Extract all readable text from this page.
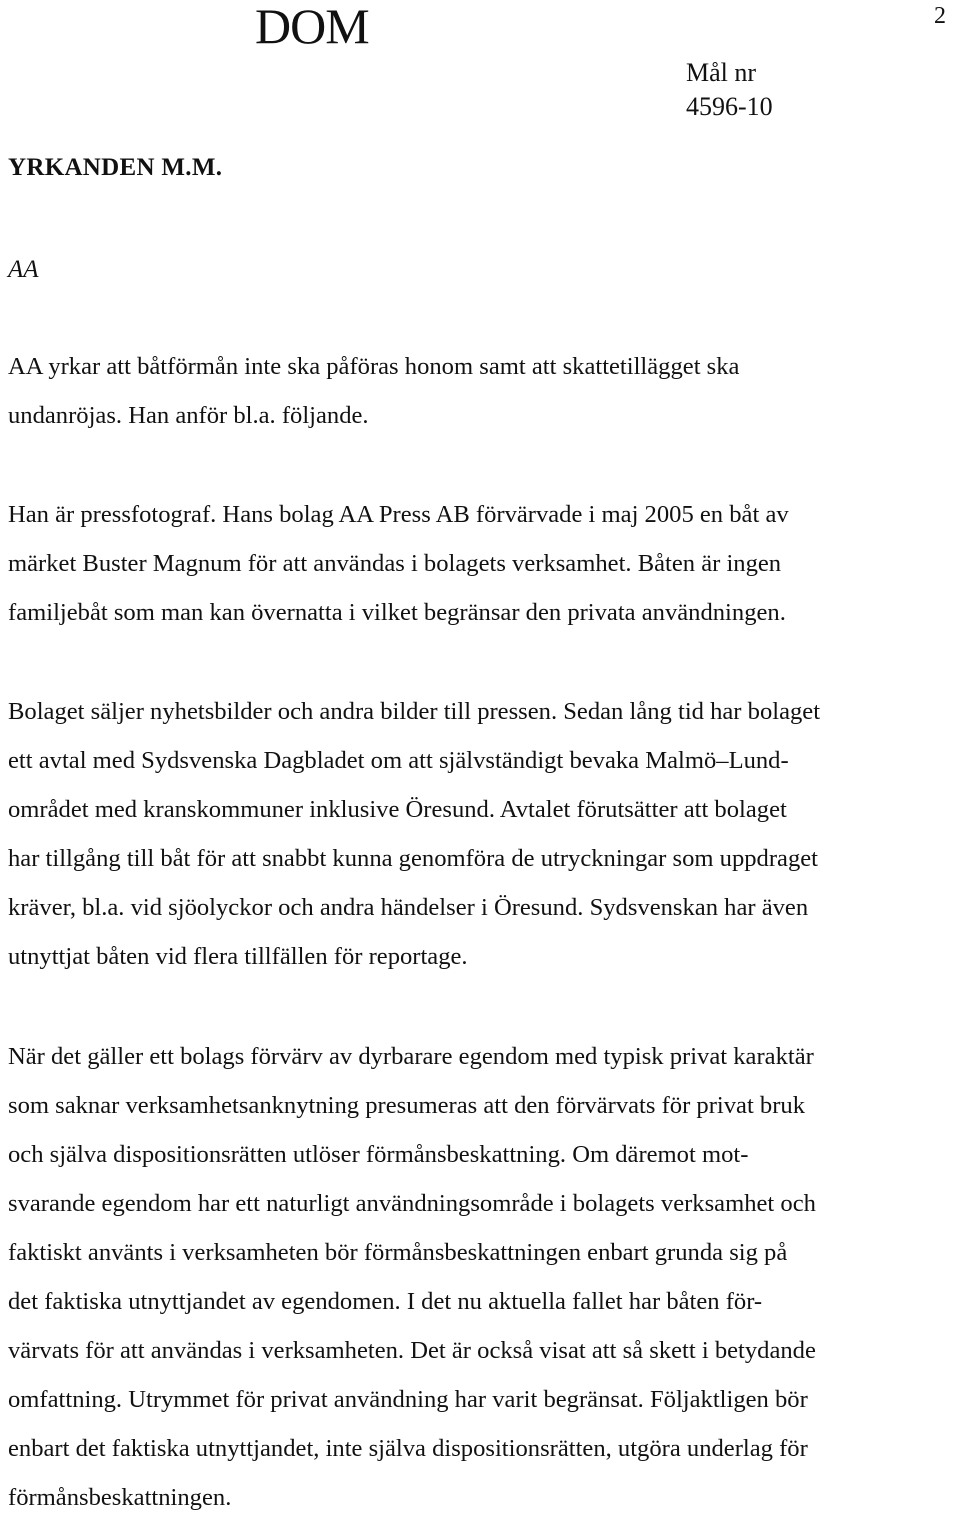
DOM	2
Mål nr
4596-10
YRKANDEN M.M.
AA

AA yrkar att båtförmån inte ska påföras honom samt att skattetillägget ska
undanröjas. Han anför bl.a. följande.

Han är pressfotograf. Hans bolag AA Press AB förvärvade i maj 2005 en båt av
märket Buster Magnum för att användas i bolagets verksamhet. Båten är ingen
familjebåt som man kan övernatta i vilket begränsar den privata användningen.

Bolaget säljer nyhetsbilder och andra bilder till pressen. Sedan lång tid har bolaget
ett avtal med Sydsvenska Dagbladet om att självständigt bevaka Malmö–Lund-
området med kranskommuner inklusive Öresund. Avtalet förutsätter att bolaget
har tillgång till båt för att snabbt kunna genomföra de utryckningar som uppdraget
kräver, bl.a. vid sjöolyckor och andra händelser i Öresund. Sydsvenskan har även
utnyttjat båten vid flera tillfällen för reportage.

När det gäller ett bolags förvärv av dyrbarare egendom med typisk privat karaktär
som saknar verksamhetsanknytning presumeras att den förvärvats för privat bruk
och själva dispositionsrätten utlöser förmånsbeskattning. Om däremot mot-
svarande egendom har ett naturligt användningsområde i bolagets verksamhet och
faktiskt använts i verksamheten bör förmånsbeskattningen enbart grunda sig på
det faktiska utnyttjandet av egendomen. I det nu aktuella fallet har båten för-
värvats för att användas i verksamheten. Det är också visat att så skett i betydande
omfattning. Utrymmet för privat användning har varit begränsat. Följaktligen bör
enbart det faktiska utnyttjandet, inte själva dispositionsrätten, utgöra underlag för
förmånsbeskattningen.
